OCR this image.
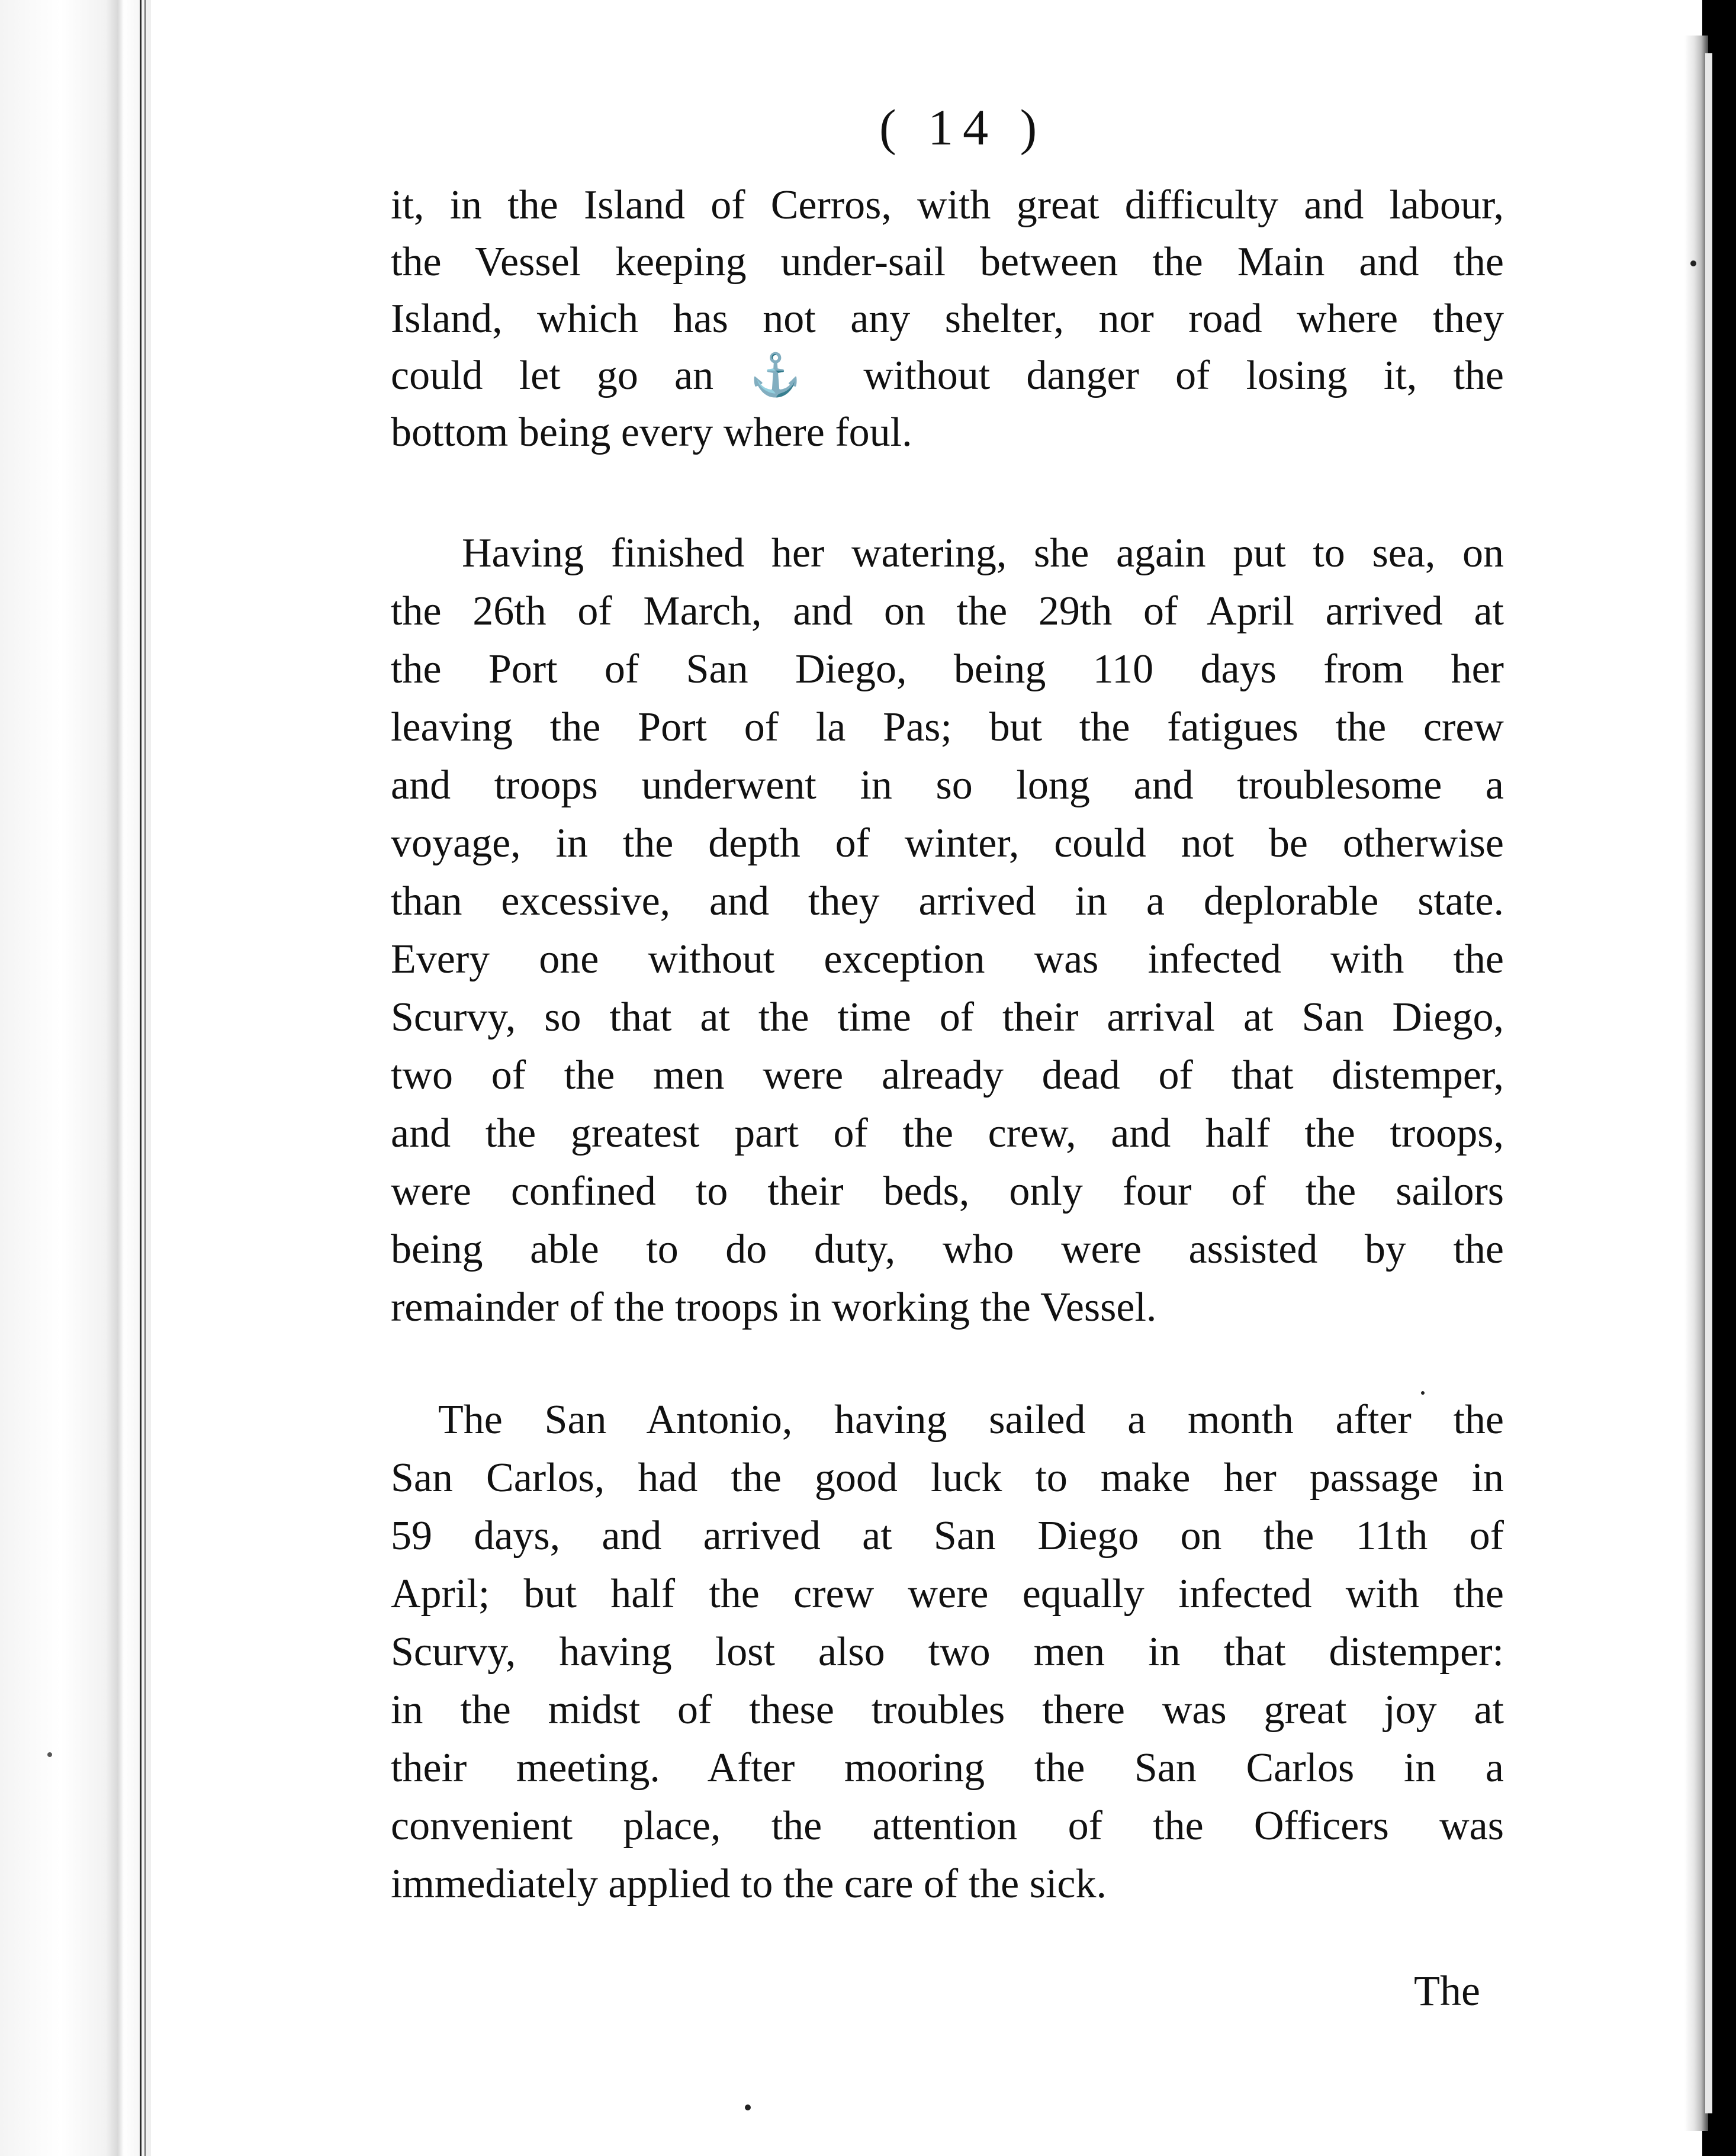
( 14 )
it, in the Island of Cerros, with great difficulty and labour,
the Vessel keeping under-sail between the Main and the
Island, which has not any shelter, nor road where they
could let go an ⚓ without danger of losing it, the
bottom being every where foul.
Having finished her watering, she again put to sea, on
the 26th of March, and on the 29th of April arrived at
the Port of San Diego, being 110 days from her
leaving the Port of la Pas; but the fatigues the crew
and troops underwent in so long and troublesome a
voyage, in the depth of winter, could not be otherwise
than excessive, and they arrived in a deplorable state.
Every one without exception was infected with the
Scurvy, so that at the time of their arrival at San Diego,
two of the men were already dead of that distemper,
and the greatest part of the crew, and half the troops,
were confined to their beds, only four of the sailors
being able to do duty, who were assisted by the
remainder of the troops in working the Vessel.
The San Antonio, having sailed a month after the
San Carlos, had the good luck to make her passage in
59 days, and arrived at San Diego on the 11th of
April; but half the crew were equally infected with the
Scurvy, having lost also two men in that distemper:
in the midst of these troubles there was great joy at
their meeting. After mooring the San Carlos in a
convenient place, the attention of the Officers was
immediately applied to the care of the sick.
The
